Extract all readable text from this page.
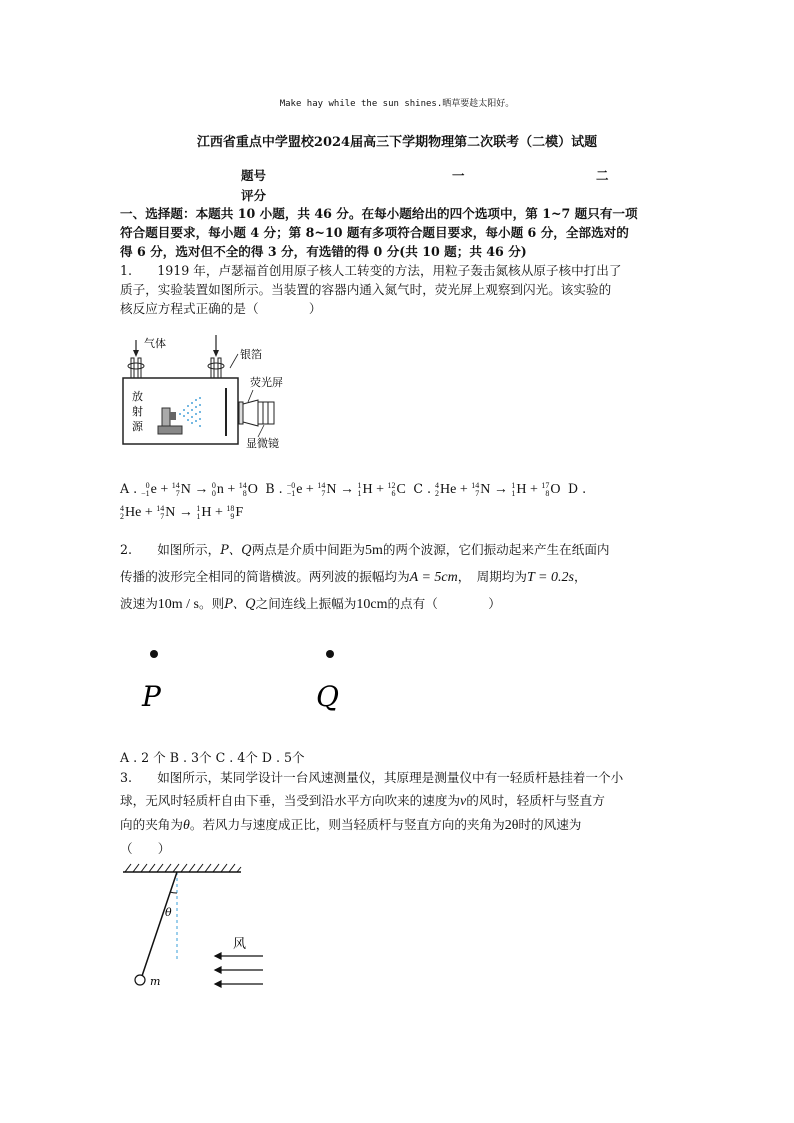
Make hay while the sun shines.晒草要趁太阳好。
江西省重点中学盟校2024届高三下学期物理第二次联考（二模）试题
题号	一	二
评分
一、选择题：本题共 10 小题，共 46 分。在每小题给出的四个选项中，第 1~7 题只有一项
符合题目要求，每小题 4 分；第 8~10 题有多项符合题目要求，每小题 6 分，全部选对的
得 6 分，选对但不全的得 3 分，有选错的得 0 分(共 10 题；共 46 分)
1.　　1919 年，卢瑟福首创用原子核人工转变的方法，用粒子轰击氮核从原子核中打出了
质子，实验装置如图所示。当装置的容器内通入氮气时，荧光屏上观察到闪光。该实验的
核反应方程式正确的是（　　　　）
气体
放
射
源
银箔
荧光屏
显微镜
A .	0
−1 e + 14
7 N → 0
0 n + 14
8 O  B . −0
−1 e + 14
7 N → 1
1 H + 12
6 C  C . 4
2 He + 14
7 N → 1
1 H + 17
8 O  D .

4
2 He + 14
7 N → 1
1 H + 18
9 F
2.　　如图所示，P、Q两点是介质中间距为5m的两个波源，它们振动起来产生在纸面内
传播的波形完全相同的简谐横波。两列波的振幅均为A = 5cm，　周期均为T = 0.2s，
波速为10m / s。则P、Q之间连线上振幅为10cm的点有（　　　　）
P	Q
A . 2 个 B . 3个 C . 4个 D . 5个
3.　　如图所示，某同学设计一台风速测量仪，其原理是测量仪中有一轻质杆悬挂着一个小
球，无风时轻质杆自由下垂，当受到沿水平方向吹来的速度为v的风时，轻质杆与竖直方
向的夹角为θ。若风力与速度成正比，则当轻质杆与竖直方向的夹角为2θ时的风速为
（　　）
m
θ
风
